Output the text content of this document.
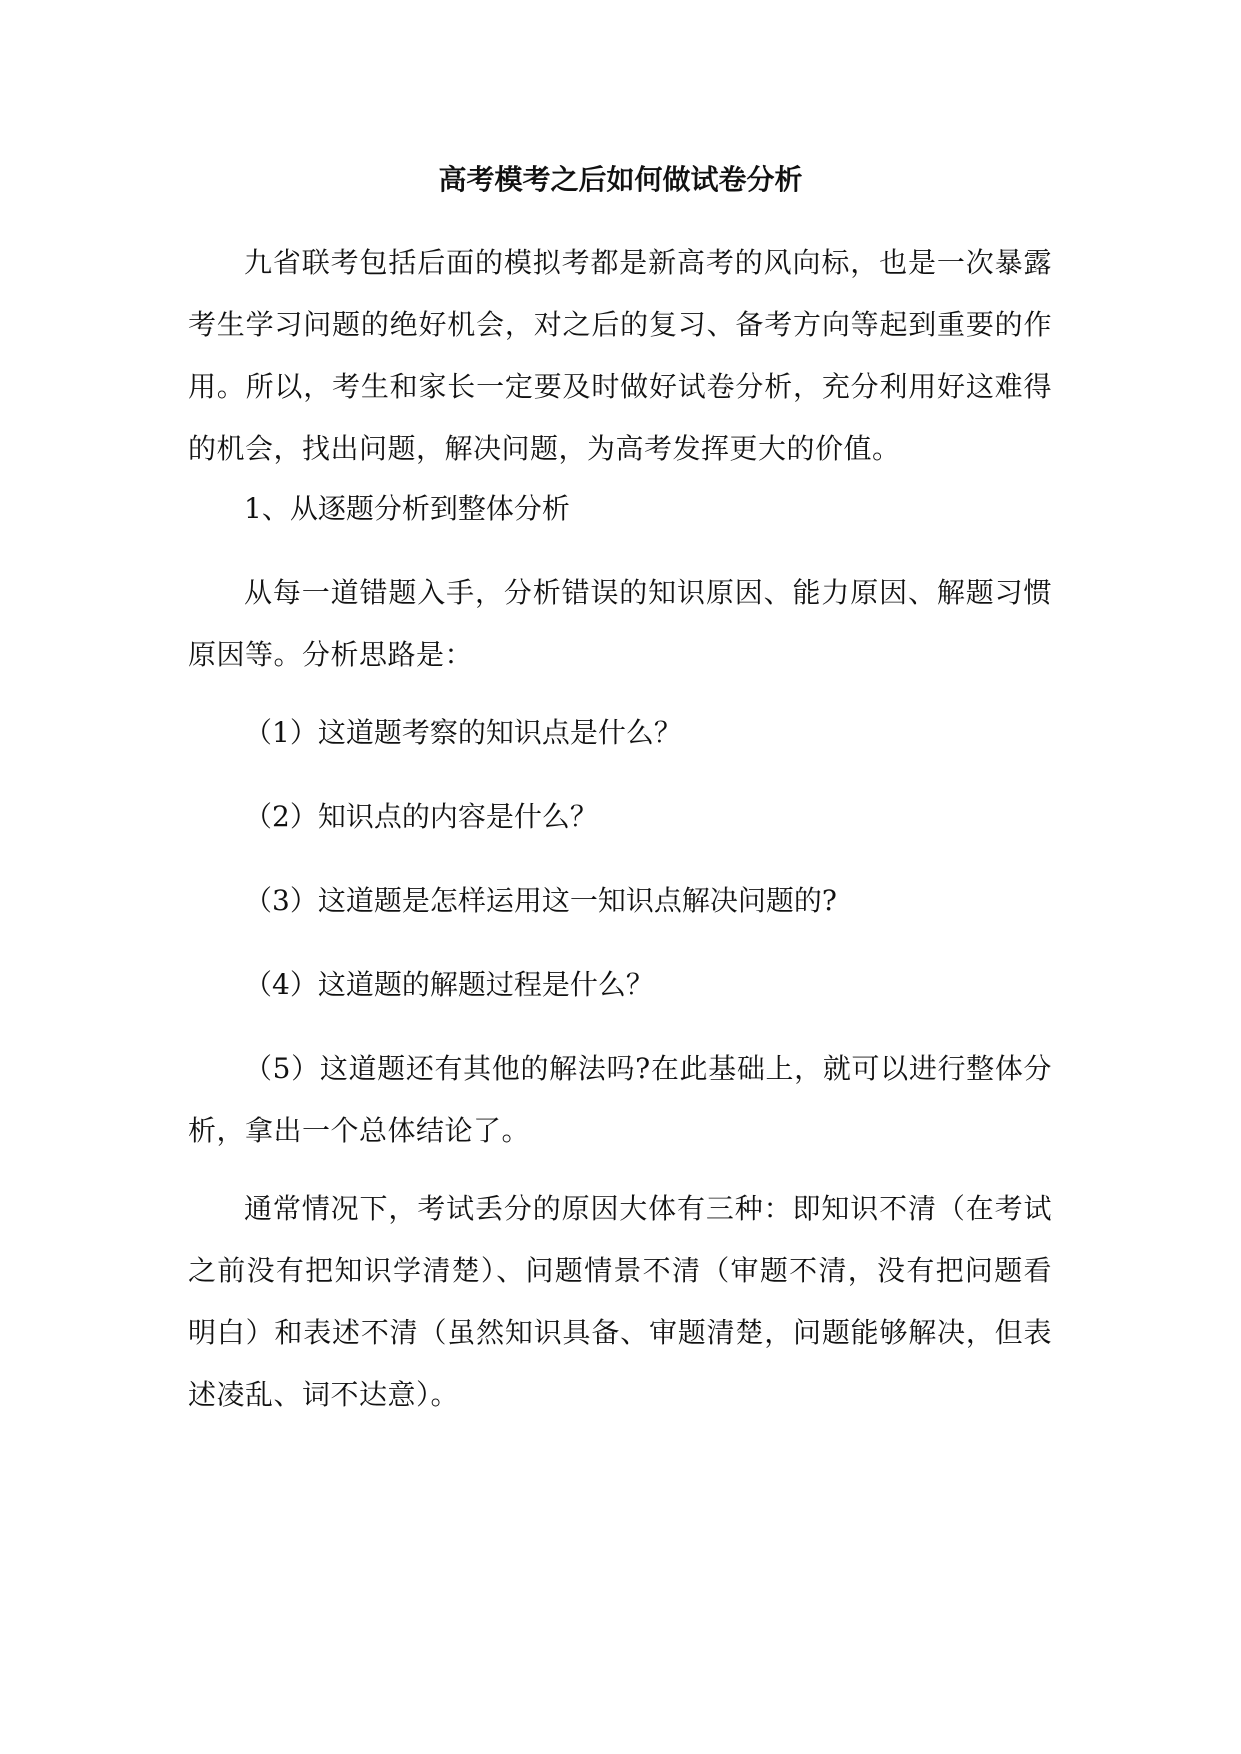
高考模考之后如何做试卷分析

九省联考包括后面的模拟考都是新高考的风向标，也是一次暴露考生学习问题的绝好机会，对之后的复习、备考方向等起到重要的作用。所以，考生和家长一定要及时做好试卷分析，充分利用好这难得的机会，找出问题，解决问题，为高考发挥更大的价值。

1、从逐题分析到整体分析

从每一道错题入手，分析错误的知识原因、能力原因、解题习惯原因等。分析思路是：

（1）这道题考察的知识点是什么？

（2）知识点的内容是什么？

（3）这道题是怎样运用这一知识点解决问题的?

（4）这道题的解题过程是什么？

（5）这道题还有其他的解法吗?在此基础上，就可以进行整体分析，拿出一个总体结论了。

通常情况下，考试丢分的原因大体有三种：即知识不清（在考试之前没有把知识学清楚）、问题情景不清（审题不清，没有把问题看明白）和表述不清（虽然知识具备、审题清楚，问题能够解决，但表述凌乱、词不达意）。
